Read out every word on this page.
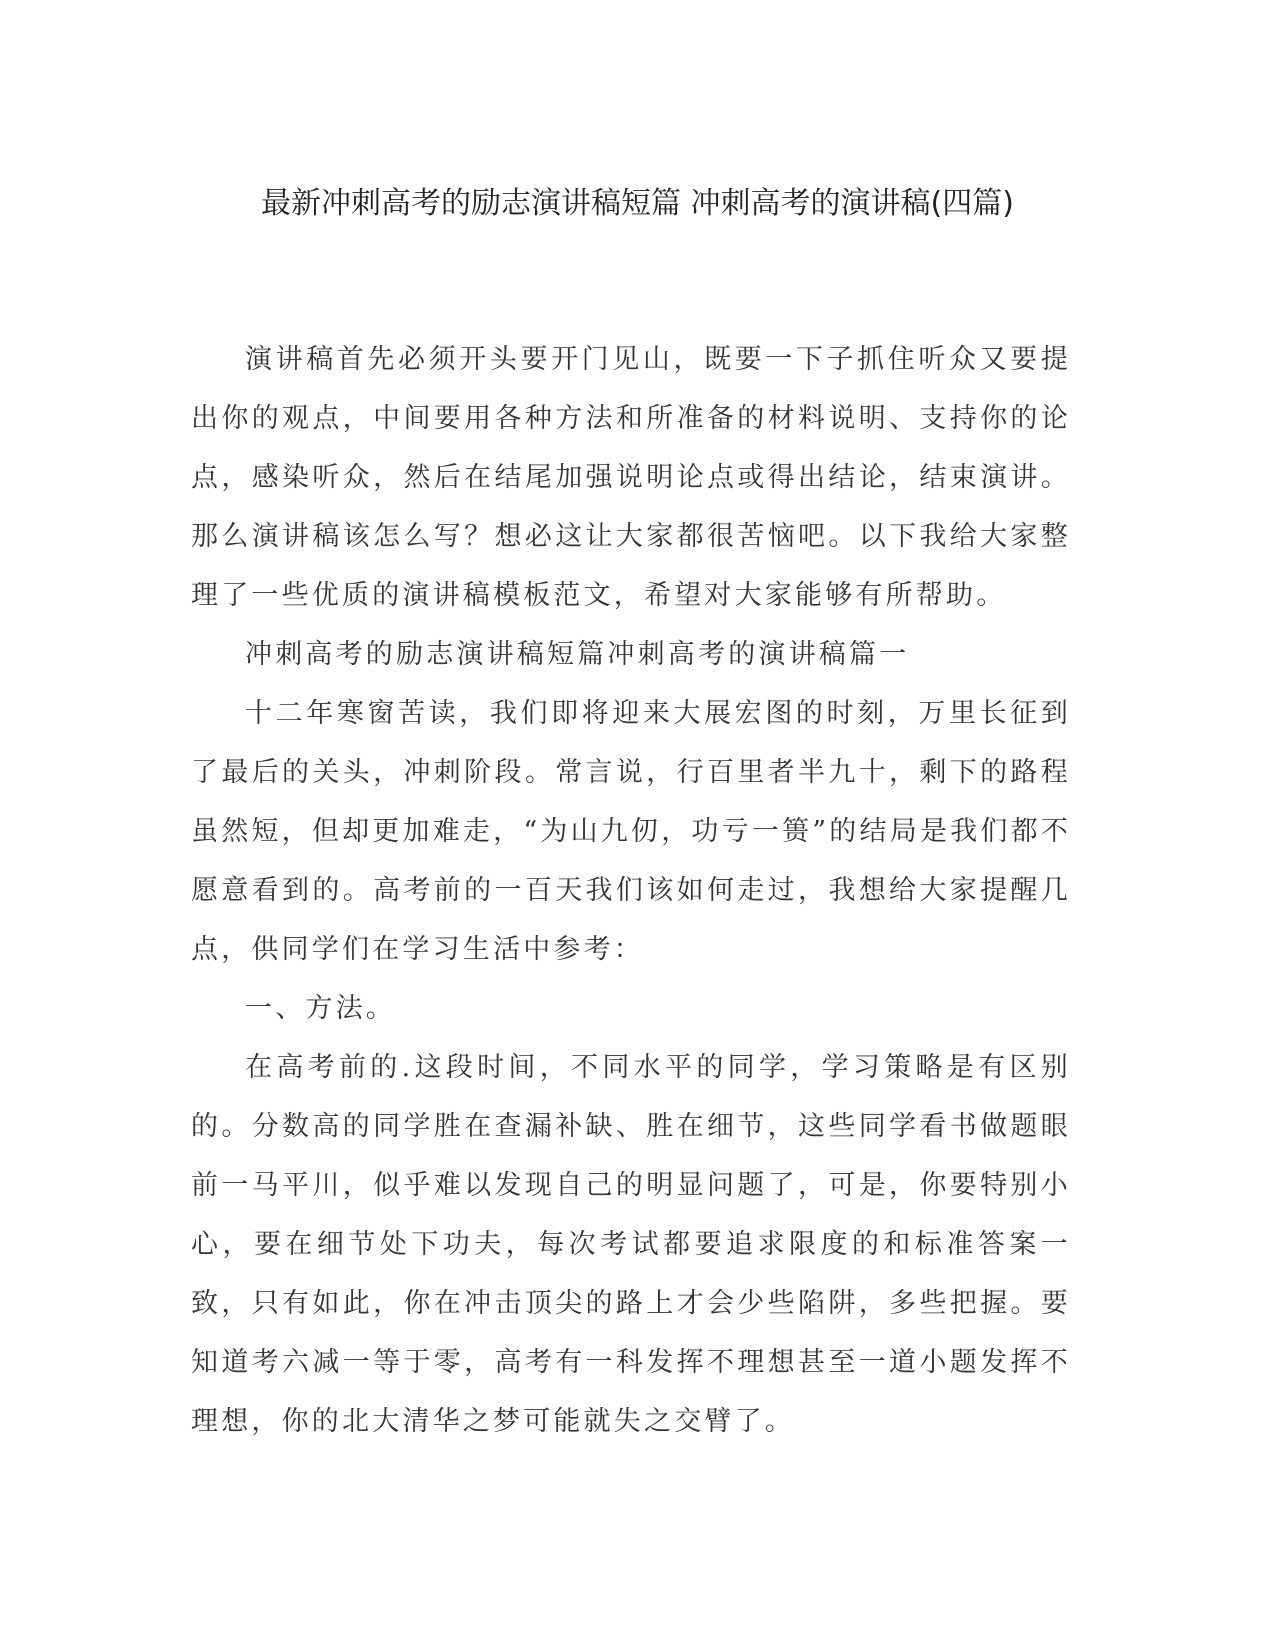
最新冲刺高考的励志演讲稿短篇 冲刺高考的演讲稿(四篇)

演讲稿首先必须开头要开门见山，既要一下子抓住听众又要提出你的观点，中间要用各种方法和所准备的材料说明、支持你的论点，感染听众，然后在结尾加强说明论点或得出结论，结束演讲。那么演讲稿该怎么写？想必这让大家都很苦恼吧。以下我给大家整理了一些优质的演讲稿模板范文，希望对大家能够有所帮助。

冲刺高考的励志演讲稿短篇冲刺高考的演讲稿篇一

十二年寒窗苦读，我们即将迎来大展宏图的时刻，万里长征到了最后的关头，冲刺阶段。常言说，行百里者半九十，剩下的路程虽然短，但却更加难走，“为山九仞，功亏一篑”的结局是我们都不愿意看到的。高考前的一百天我们该如何走过，我想给大家提醒几点，供同学们在学习生活中参考：

一、方法。

在高考前的.这段时间，不同水平的同学，学习策略是有区别的。分数高的同学胜在查漏补缺、胜在细节，这些同学看书做题眼前一马平川，似乎难以发现自己的明显问题了，可是，你要特别小心，要在细节处下功夫，每次考试都要追求限度的和标准答案一致，只有如此，你在冲击顶尖的路上才会少些陷阱，多些把握。要知道考六减一等于零，高考有一科发挥不理想甚至一道小题发挥不理想，你的北大清华之梦可能就失之交臂了。
